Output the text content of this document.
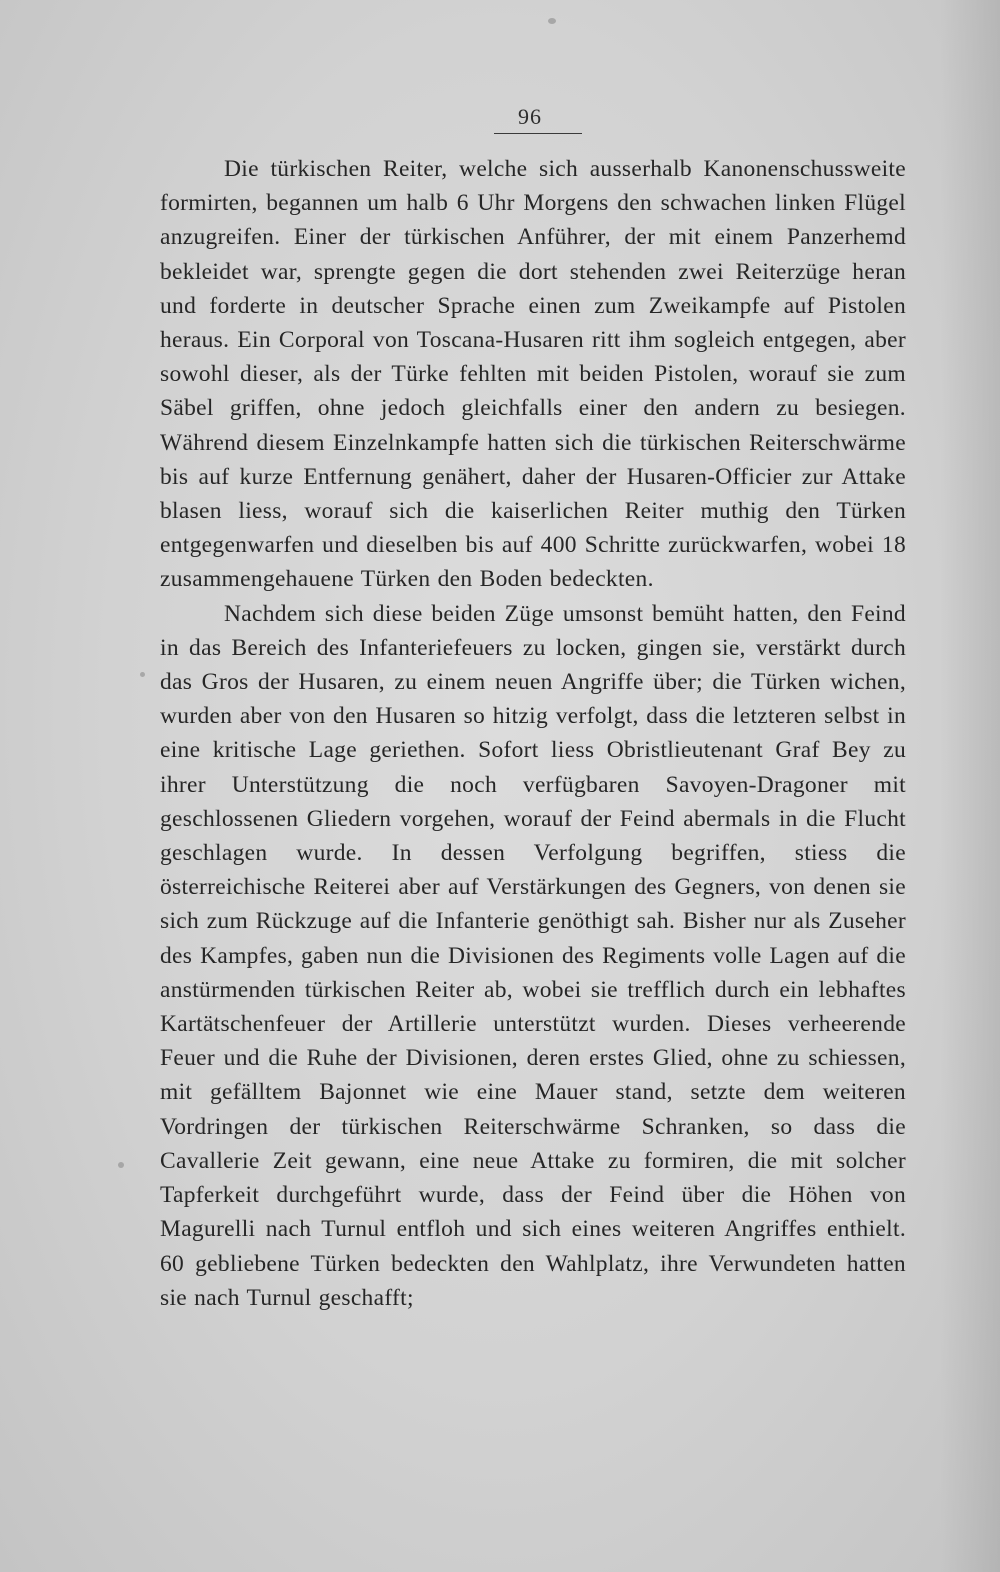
96

Die türkischen Reiter, welche sich ausserhalb Kanonenschussweite formirten, begannen um halb 6 Uhr Morgens den schwachen linken Flügel anzugreifen. Einer der türkischen Anführer, der mit einem Panzerhemd bekleidet war, sprengte gegen die dort stehenden zwei Reiterzüge heran und forderte in deutscher Sprache einen zum Zweikampfe auf Pistolen heraus. Ein Corporal von Toscana-Husaren ritt ihm sogleich entgegen, aber sowohl dieser, als der Türke fehlten mit beiden Pistolen, worauf sie zum Säbel griffen, ohne jedoch gleichfalls einer den andern zu besiegen. Während diesem Einzelnkampfe hatten sich die türkischen Reiterschwärme bis auf kurze Entfernung genähert, daher der Husaren-Officier zur Attake blasen liess, worauf sich die kaiserlichen Reiter muthig den Türken entgegenwarfen und dieselben bis auf 400 Schritte zurückwarfen, wobei 18 zusammengehauene Türken den Boden bedeckten.

Nachdem sich diese beiden Züge umsonst bemüht hatten, den Feind in das Bereich des Infanteriefeuers zu locken, gingen sie, verstärkt durch das Gros der Husaren, zu einem neuen Angriffe über; die Türken wichen, wurden aber von den Husaren so hitzig verfolgt, dass die letzteren selbst in eine kritische Lage geriethen. Sofort liess Obristlieutenant Graf Bey zu ihrer Unterstützung die noch verfügbaren Savoyen-Dragoner mit geschlossenen Gliedern vorgehen, worauf der Feind abermals in die Flucht geschlagen wurde. In dessen Verfolgung begriffen, stiess die österreichische Reiterei aber auf Verstärkungen des Gegners, von denen sie sich zum Rückzuge auf die Infanterie genöthigt sah. Bisher nur als Zuseher des Kampfes, gaben nun die Divisionen des Regiments volle Lagen auf die anstürmenden türkischen Reiter ab, wobei sie trefflich durch ein lebhaftes Kartätschenfeuer der Artillerie unterstützt wurden. Dieses verheerende Feuer und die Ruhe der Divisionen, deren erstes Glied, ohne zu schiessen, mit gefälltem Bajonnet wie eine Mauer stand, setzte dem weiteren Vordringen der türkischen Reiterschwärme Schranken, so dass die Cavallerie Zeit gewann, eine neue Attake zu formiren, die mit solcher Tapferkeit durchgeführt wurde, dass der Feind über die Höhen von Magurelli nach Turnul entfloh und sich eines weiteren Angriffes enthielt. 60 gebliebene Türken bedeckten den Wahlplatz, ihre Verwundeten hatten sie nach Turnul geschafft;
